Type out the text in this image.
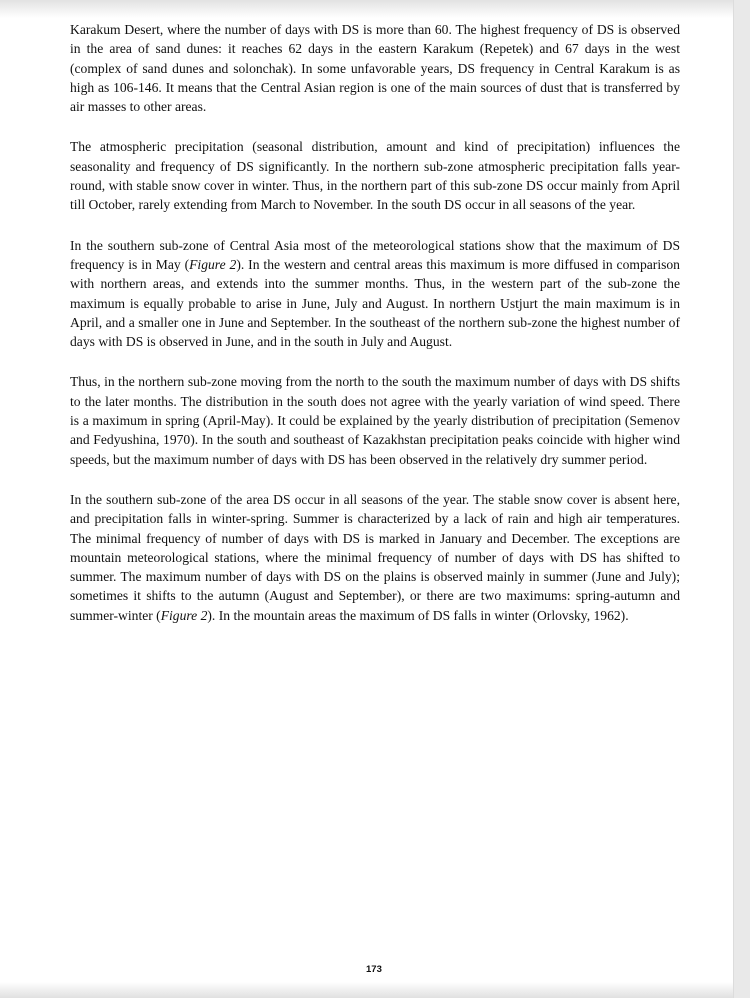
Karakum Desert, where the number of days with DS is more than 60. The highest frequency of DS is observed in the area of sand dunes: it reaches 62 days in the eastern Karakum (Repetek) and 67 days in the west (complex of sand dunes and solonchak). In some unfavorable years, DS frequency in Central Karakum is as high as 106-146. It means that the Central Asian region is one of the main sources of dust that is transferred by air masses to other areas.

The atmospheric precipitation (seasonal distribution, amount and kind of precipitation) influences the seasonality and frequency of DS significantly. In the northern sub-zone atmospheric precipitation falls year-round, with stable snow cover in winter. Thus, in the northern part of this sub-zone DS occur mainly from April till October, rarely extending from March to November. In the south DS occur in all seasons of the year.

In the southern sub-zone of Central Asia most of the meteorological stations show that the maximum of DS frequency is in May (Figure 2). In the western and central areas this maximum is more diffused in comparison with northern areas, and extends into the summer months. Thus, in the western part of the sub-zone the maximum is equally probable to arise in June, July and August. In northern Ustjurt the main maximum is in April, and a smaller one in June and September. In the southeast of the northern sub-zone the highest number of days with DS is observed in June, and in the south in July and August.

Thus, in the northern sub-zone moving from the north to the south the maximum number of days with DS shifts to the later months. The distribution in the south does not agree with the yearly variation of wind speed. There is a maximum in spring (April-May). It could be explained by the yearly distribution of precipitation (Semenov and Fedyushina, 1970). In the south and southeast of Kazakhstan precipitation peaks coincide with higher wind speeds, but the maximum number of days with DS has been observed in the relatively dry summer period.

In the southern sub-zone of the area DS occur in all seasons of the year. The stable snow cover is absent here, and precipitation falls in winter-spring. Summer is characterized by a lack of rain and high air temperatures. The minimal frequency of number of days with DS is marked in January and December. The exceptions are mountain meteorological stations, where the minimal frequency of number of days with DS has shifted to summer. The maximum number of days with DS on the plains is observed mainly in summer (June and July); sometimes it shifts to the autumn (August and September), or there are two maximums: spring-autumn and summer-winter (Figure 2). In the mountain areas the maximum of DS falls in winter (Orlovsky, 1962).

173
